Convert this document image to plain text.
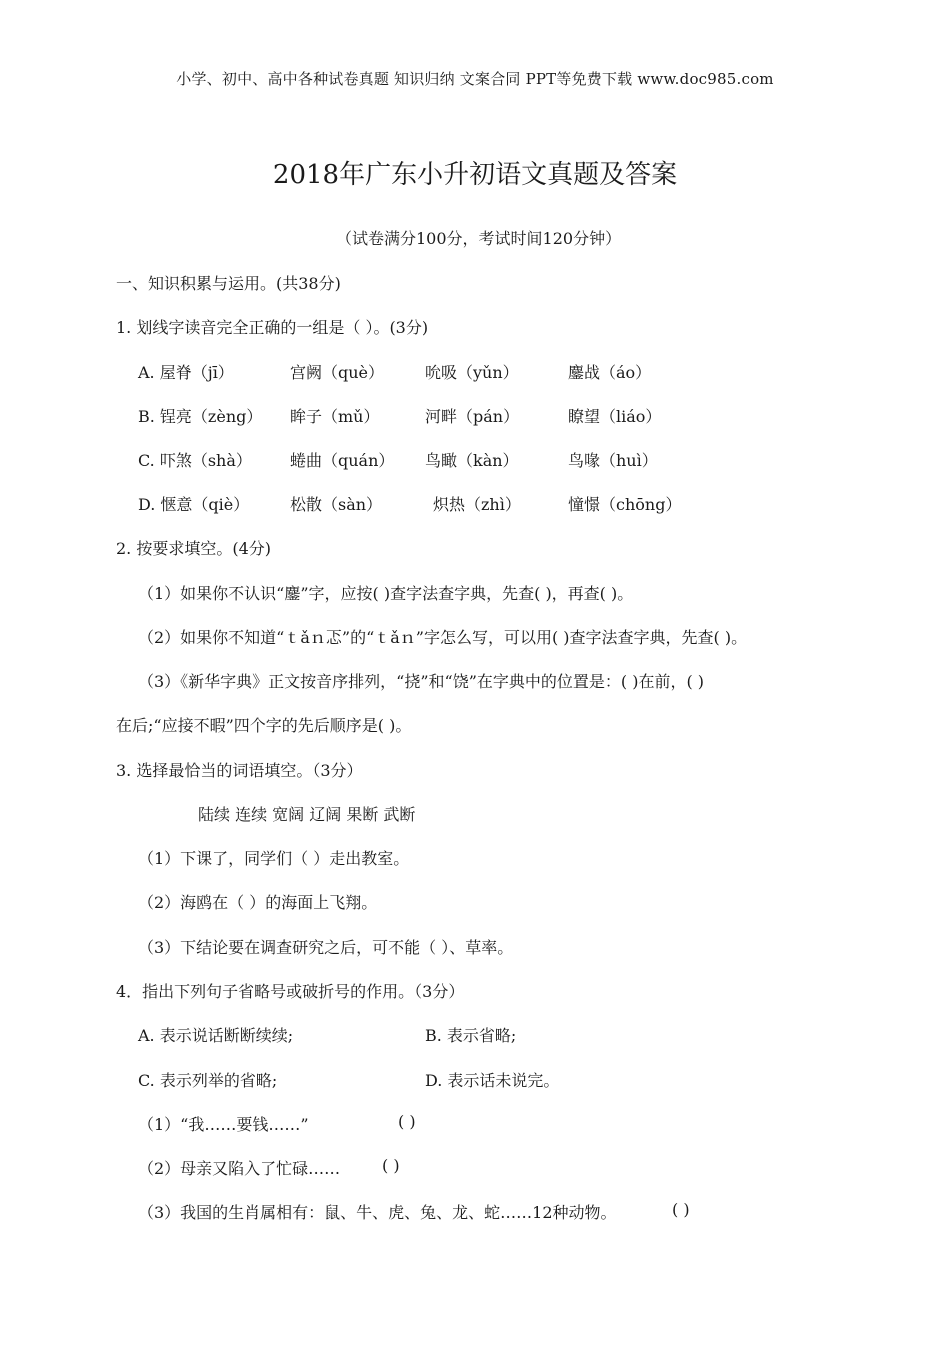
小学、初中、高中各种试卷真题 知识归纳 文案合同 PPT等免费下载 www.doc985.com
2018年广东小升初语文真题及答案
（试卷满分100分，考试时间120分钟）
一、知识积累与运用。(共38分)
1. 划线字读音完全正确的一组是（ ）。(3分)
A. 屋脊（jī）	宫阙（què）	吮吸（yǔn）	鏖战（áo）
B. 锃亮（zèng） 眸子（mǔ）	河畔（pán）	瞭望（liáo）
C. 吓煞（shà） 蜷曲（quán） 鸟瞰（kàn）	鸟喙（huì）
D. 惬意（qiè）	松散（sàn）	炽热（zhì）	憧憬（chōng）
2. 按要求填空。(4分)
（1）如果你不认识“鏖”字，应按( )查字法查字典，先查( )，再查( )。
（2）如果你不知道“ｔǎｎ忑”的“ｔǎｎ”字怎么写，可以用( )查字法查字典，先查( )。
（3）《新华字典》正文按音序排列，“挠”和“饶”在字典中的位置是：( )在前，( )
在后;“应接不暇”四个字的先后顺序是( )。
3. 选择最恰当的词语填空。（3分）
陆续 连续 宽阔 辽阔 果断 武断
（1）下课了，同学们（ ）走出教室。
（2）海鸥在（ ）的海面上飞翔。
（3）下结论要在调查研究之后，可不能（ ）、草率。
4．指出下列句子省略号或破折号的作用。（3分）
A. 表示说话断断续续;	B. 表示省略;
C. 表示列举的省略;	D. 表示话未说完。
（1）“我……要钱……”	( )
（2）母亲又陷入了忙碌……	( )
（3）我国的生肖属相有：鼠、牛、虎、兔、龙、蛇……12种动物。	( )
